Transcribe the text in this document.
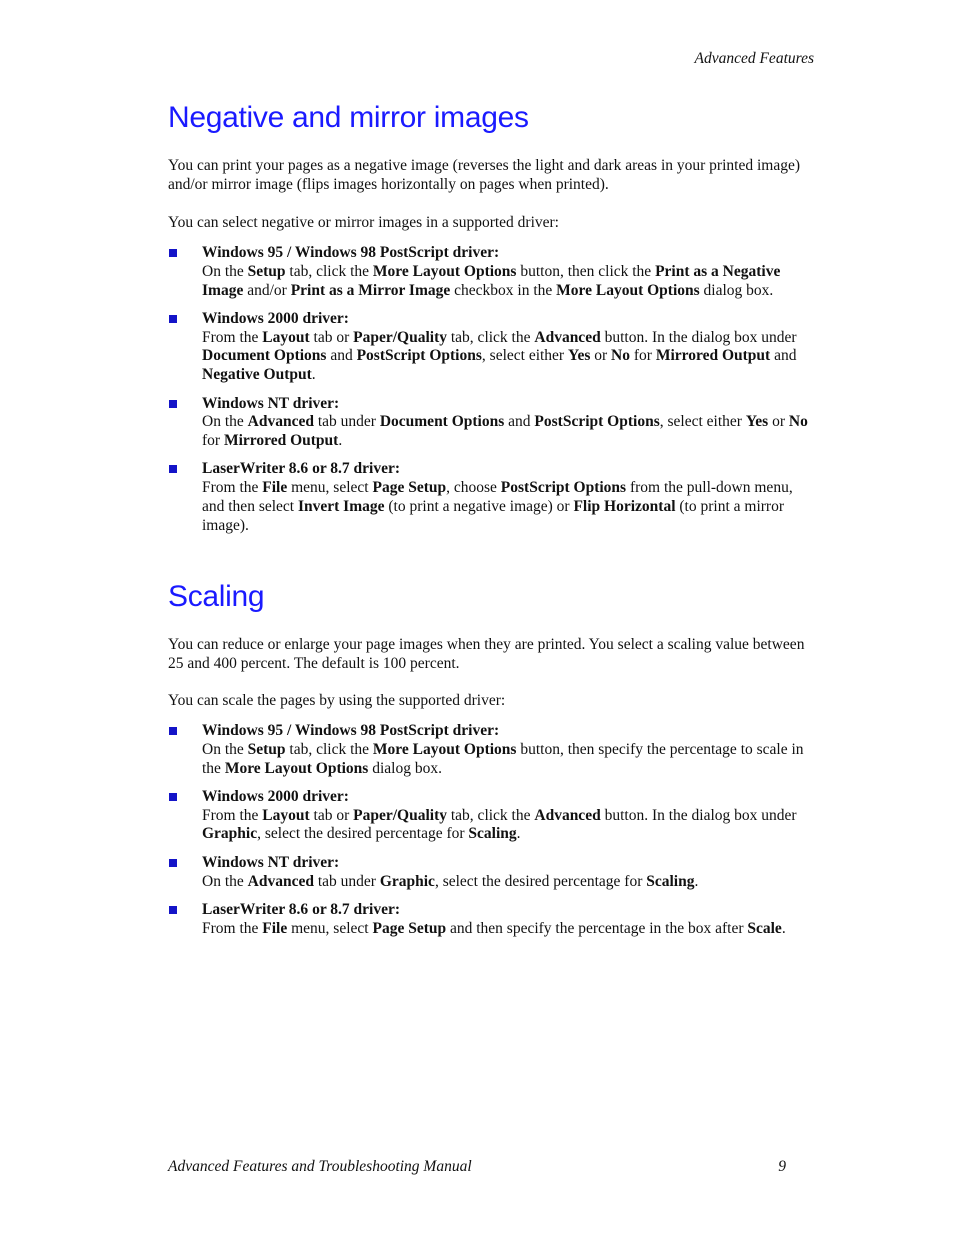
Advanced Features
Negative and mirror images

You can print your pages as a negative image (reverses the light and dark areas in your printed image) and/or mirror image (flips images horizontally on pages when printed).

You can select negative or mirror images in a supported driver:

Windows 95 / Windows 98 PostScript driver:
On the Setup tab, click the More Layout Options button, then click the Print as a Negative Image and/or Print as a Mirror Image checkbox in the More Layout Options dialog box.
Windows 2000 driver:
From the Layout tab or Paper/Quality tab, click the Advanced button. In the dialog box under Document Options and PostScript Options, select either Yes or No for Mirrored Output and Negative Output.
Windows NT driver:
On the Advanced tab under Document Options and PostScript Options, select either Yes or No for Mirrored Output.
LaserWriter 8.6 or 8.7 driver:
From the File menu, select Page Setup, choose PostScript Options from the pull-down menu, and then select Invert Image (to print a negative image) or Flip Horizontal (to print a mirror image).
Scaling

You can reduce or enlarge your page images when they are printed. You select a scaling value between 25 and 400 percent. The default is 100 percent.

You can scale the pages by using the supported driver:

Windows 95 / Windows 98 PostScript driver:
On the Setup tab, click the More Layout Options button, then specify the percentage to scale in the More Layout Options dialog box.
Windows 2000 driver:
From the Layout tab or Paper/Quality tab, click the Advanced button. In the dialog box under Graphic, select the desired percentage for Scaling.
Windows NT driver:
On the Advanced tab under Graphic, select the desired percentage for Scaling.
LaserWriter 8.6 or 8.7 driver:
From the File menu, select Page Setup and then specify the percentage in the box after Scale.
Advanced Features and Troubleshooting Manual	9
